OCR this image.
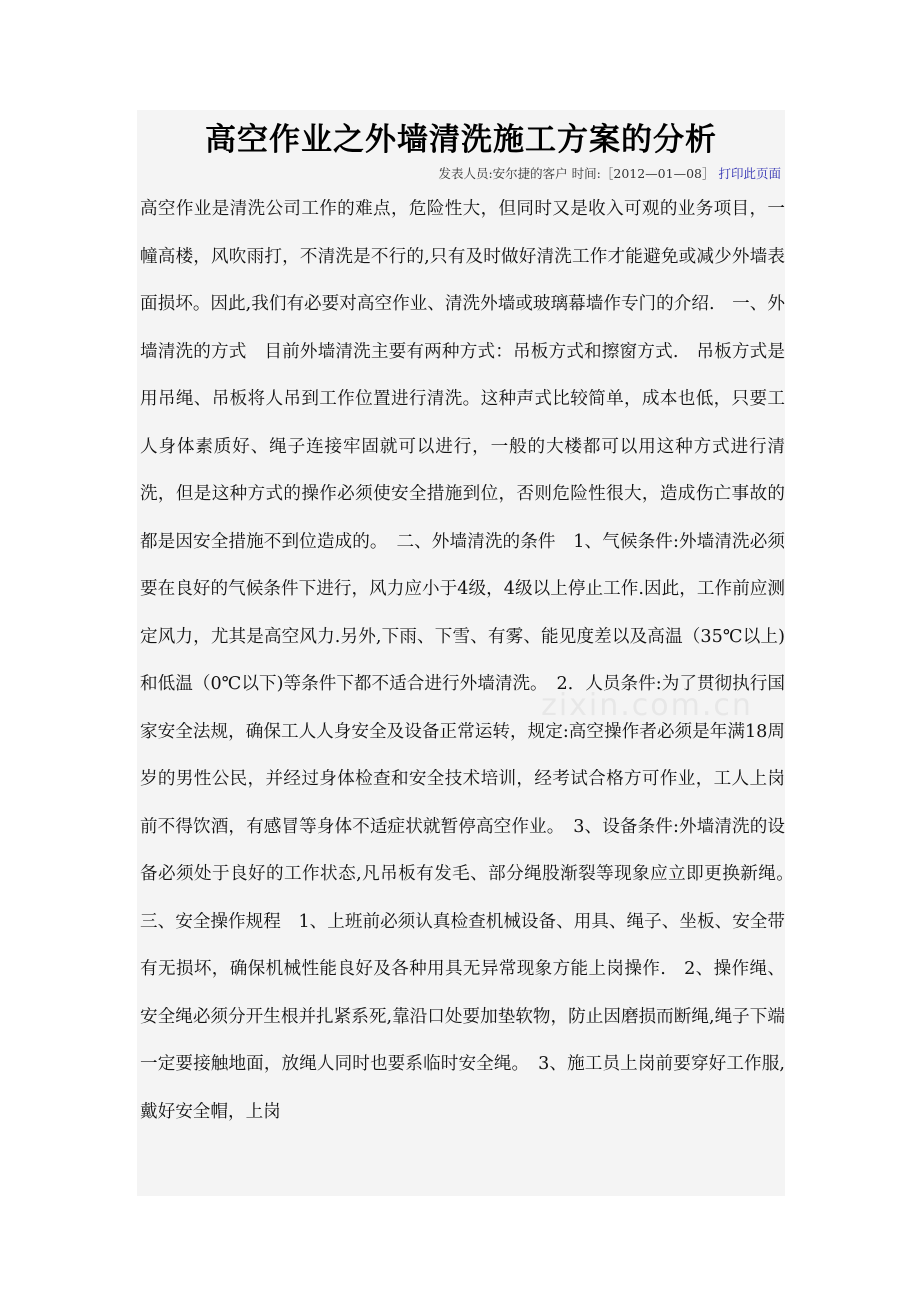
高空作业之外墙清洗施工方案的分析
发表人员:安尔捷的客户 时间:［2012—01—08］ 打印此页面

高空作业是清洗公司工作的难点，危险性大，但同时又是收入可观的业务项目，一幢高楼，风吹雨打，不清洗是不行的,只有及时做好清洗工作才能避免或减少外墙表面损坏。因此,我们有必要对高空作业、清洗外墙或玻璃幕墙作专门的介绍.　一、外墙清洗的方式　目前外墙清洗主要有两种方式：吊板方式和擦窗方式.　吊板方式是用吊绳、吊板将人吊到工作位置进行清洗。这种声式比较简单，成本也低，只要工人身体素质好、绳子连接牢固就可以进行，一般的大楼都可以用这种方式进行清洗，但是这种方式的操作必须使安全措施到位，否则危险性很大，造成伤亡事故的都是因安全措施不到位造成的。　二、外墙清洗的条件　1、气候条件:外墙清洗必须要在良好的气候条件下进行，风力应小于4级，4级以上停止工作.因此，工作前应测定风力，尤其是高空风力.另外,下雨、下雪、有雾、能见度差以及高温（35℃以上)和低温（0℃以下)等条件下都不适合进行外墙清洗。　2．人员条件:为了贯彻执行国家安全法规，确保工人人身安全及设备正常运转，规定:高空操作者必须是年满18周岁的男性公民，并经过身体检查和安全技术培训，经考试合格方可作业，工人上岗前不得饮酒，有感冒等身体不适症状就暂停高空作业。　3、设备条件:外墙清洗的设备必须处于良好的工作状态,凡吊板有发毛、部分绳股渐裂等现象应立即更换新绳。　三、安全操作规程　1、上班前必须认真检查机械设备、用具、绳子、坐板、安全带有无损坏，确保机械性能良好及各种用具无异常现象方能上岗操作.　2、操作绳、安全绳必须分开生根并扎紧系死,靠沿口处要加垫软物，防止因磨损而断绳,绳子下端一定要接触地面，放绳人同时也要系临时安全绳。　3、施工员上岗前要穿好工作服,戴好安全帽，上岗

zixin.com.cn
